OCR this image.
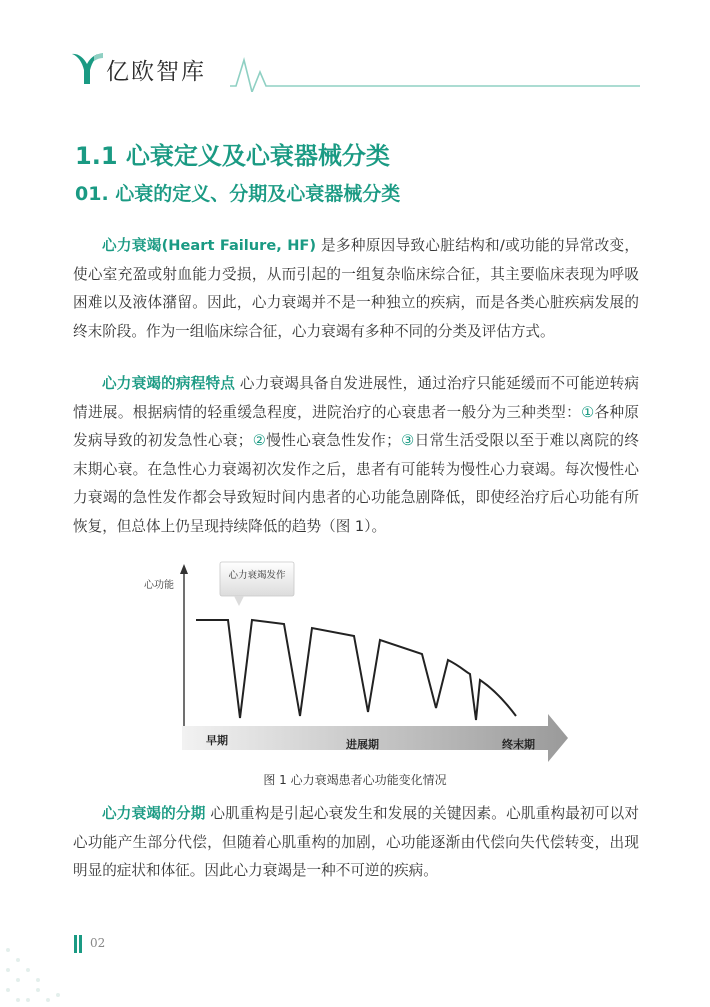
亿欧智库
1.1 心衰定义及心衰器械分类
01. 心衰的定义、分期及心衰器械分类
心力衰竭(Heart Failure, HF) 是多种原因导致心脏结构和/或功能的异常改变，使心室充盈或射血能力受损，从而引起的一组复杂临床综合征，其主要临床表现为呼吸困难以及液体潴留。因此，心力衰竭并不是一种独立的疾病，而是各类心脏疾病发展的终末阶段。作为一组临床综合征，心力衰竭有多种不同的分类及评估方式。
心力衰竭的病程特点 心力衰竭具备自发进展性，通过治疗只能延缓而不可能逆转病情进展。根据病情的轻重缓急程度，进院治疗的心衰患者一般分为三种类型：①各种原发病导致的初发急性心衰；②慢性心衰急性发作；③日常生活受限以至于难以离院的终末期心衰。在急性心力衰竭初次发作之后，患者有可能转为慢性心力衰竭。每次慢性心力衰竭的急性发作都会导致短时间内患者的心功能急剧降低，即使经治疗后心功能有所恢复，但总体上仍呈现持续降低的趋势（图 1）。
心功能
早期	进展期	终末期
心力衰竭发作
图 1 心力衰竭患者心功能变化情况
心力衰竭的分期 心肌重构是引起心衰发生和发展的关键因素。心肌重构最初可以对心功能产生部分代偿，但随着心肌重构的加剧，心功能逐渐由代偿向失代偿转变，出现明显的症状和体征。因此心力衰竭是一种不可逆的疾病。
02
